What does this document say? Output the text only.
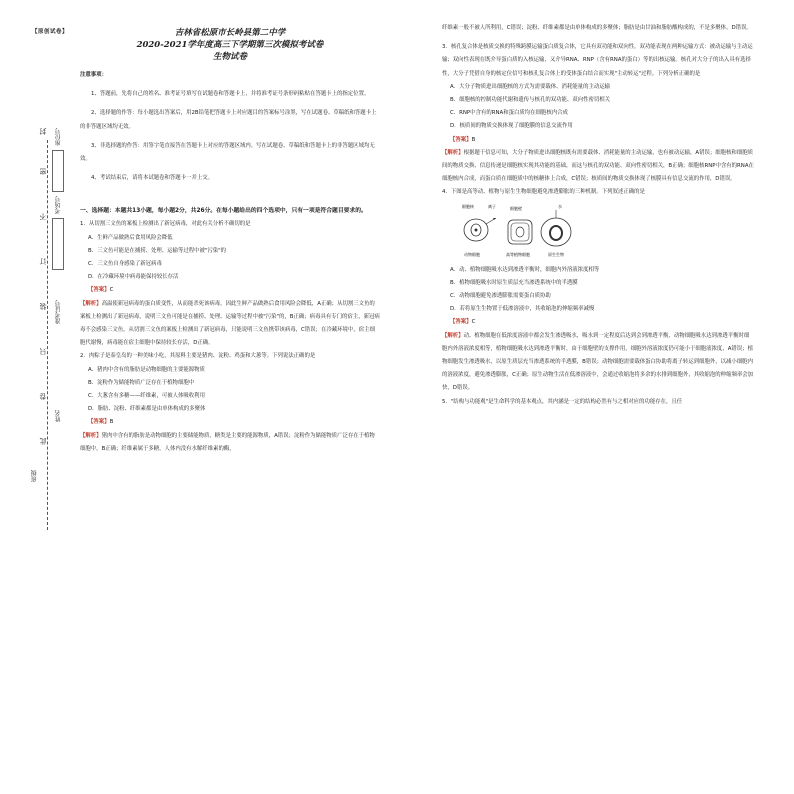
封
密
不
订
装
只
卷
此
座位号
考场号
准考证号
姓名
班级
【原创试卷】	吉林省松原市长岭县第二中学
2020-2021学年度高三下学期第三次模拟考试卷
生物试卷
注意事项：
1、答题前，先将自己的姓名、准考证号填写在试题卷和答题卡上，并将准考证号条形码粘贴在答题卡上的指定位置。
2、选择题的作答：每小题选出答案后，用2B铅笔把答题卡上对应题目的答案标号涂黑，写在试题卷、草稿纸和答题卡上的非答题区域均无效。
3、非选择题的作答：用签字笔直接答在答题卡上对应的答题区域内。写在试题卷、草稿纸和答题卡上的非答题区域均无效。
4、考试结束后，请将本试题卷和答题卡一并上交。
一、选择题：本题共13小题，每小题2分，共26分。在每小题给出的四个选项中，只有一项是符合题目要求的。
1．从切割三文鱼的案板上检测出了新冠病毒，对此有关分析不确切的是
A．生鲜产品做熟后食用风险会降低
B．三文鱼可能是在捕捞、处理、运输等过程中被"污染"的
C．三文鱼自身感染了新冠病毒
D．在冷藏环境中病毒能保持较长存活
【答案】C
【解析】高温使新冠病毒的蛋白质变性，从而能杀死该病毒，因此生鲜产品做熟后食用风险会降低，A正确；从切割三文鱼的案板上检测出了新冠病毒，说明三文鱼可能是在捕捞、处理、运输等过程中被"污染"的，B正确；病毒具有专门的宿主，新冠病毒不会感染三文鱼，从切割三文鱼的案板上检测出了新冠病毒，只能说明三文鱼携带该病毒，C错误；在冷藏环境中，宿主细胞代谢慢，病毒能在宿主细胞中保持较长存活，D正确。
2．肉粽子是泰皇岛的一种美味小吃，其原料主要是猪肉、淀粉、鸡蛋和大葱等。下列说法正确的是
A．猪肉中含有的脂肪是动物细胞的主要能源物质
B．淀粉作为储能物质广泛存在于植物细胞中
C．大葱含有多糖——纤维素，可被人体吸收利用
D．脂肪、淀粉、纤维素都是由单体构成的多聚体
【答案】B
【解析】猪肉中含有的脂肪是动物细胞的主要储能物质，糖类是主要的能源物质，A错误；淀粉作为储能物质广泛存在于植物细胞中，B正确；纤维素属于多糖，人体内没有水解纤维素的酶，
纤维素一般不被人所利用，C错误；淀粉、纤维素都是由单体构成的多聚体；脂肪是由甘油和脂肪酸构成的，不是多聚体，D错误。
3．核孔复合体是核质交换的特殊跨膜运输蛋白质复合体，它具有双功能和双向性。双功能表现在两种运输方式：被动运输与主动运输；双向性表现在既介导蛋白质的入核运输，又介导RNA、RNP（含有RNA的蛋白）等的出核运输。核孔对大分子的出入具有选择性，大分子凭借自身的核定位信号和核孔复合体上的受体蛋白结合而实现"主动转运"过程。下列分析正确的是
A．大分子物质进出细胞核的方式为需要载体、消耗能量的主动运输
B．细胞核的控制功能代谢和遗传与核孔的双功能、双向性密切相关
C．RNP中含有的RNA和蛋白质均在细胞核内合成
D．核质间的物质交换体现了细胞膜的信息交流作用
【答案】B
【解析】根据题干信息可知，大分子物质进出细胞核既有需要载体、消耗能量的主动运输，也有被动运输，A错误；细胞核和细胞质间的物质交换、信息传递是细胞核实现其功能的基础，而这与核孔的双功能、双向性密切相关，B正确；细胞核RNP中含有的RNA在细胞核内合成，而蛋白质在细胞质中的核糖体上合成，C错误；核质间的物质交换体现了核膜具有信息交流的作用，D错误。
4．下图是高等动、植物与原生生物细胞避免渗透膨胀的三种机制。下列叙述正确的是
细胞核	离子	细胞壁	水
动物细胞	高等植物细胞	原生生物
A．动、植物细胞吸水达到渗透平衡时，细胞内外溶液浓度相等
B．植物细胞吸水时原生质层充当渗透系统中的半透膜
C．动物细胞避免渗透膨胀需要蛋白质协助
D．若将原生生物置于低渗溶液中，其收缩泡的伸缩频率减慢
【答案】C
【解析】动、植物细胞在低浓度溶液中都会发生渗透吸水，吸水到一定程度后达到会到渗透平衡，动物细胞吸水达到渗透平衡时细胞内外溶液浓度相等，植物细胞吸水达到渗透平衡时，由于细胞壁的支撑作用，细胞外溶液浓度仍可能小于细胞液浓度，A错误；植物细胞发生渗透吸水，以原生质层充当渗透系统的半透膜，B错误；动物细胞需要载体蛋白协助将离子转运到细胞外，以减小细胞内的溶液浓度，避免渗透膨胀，C正确；原生动物生活在低渗溶液中，会通过收缩泡将多余的水排到细胞外，其收缩泡的伸缩频率会加快，D错误。
5．"结构与功能观"是生命科学的基本观点，其内涵是一定的结构必然有与之相对应的功能存在，且任
